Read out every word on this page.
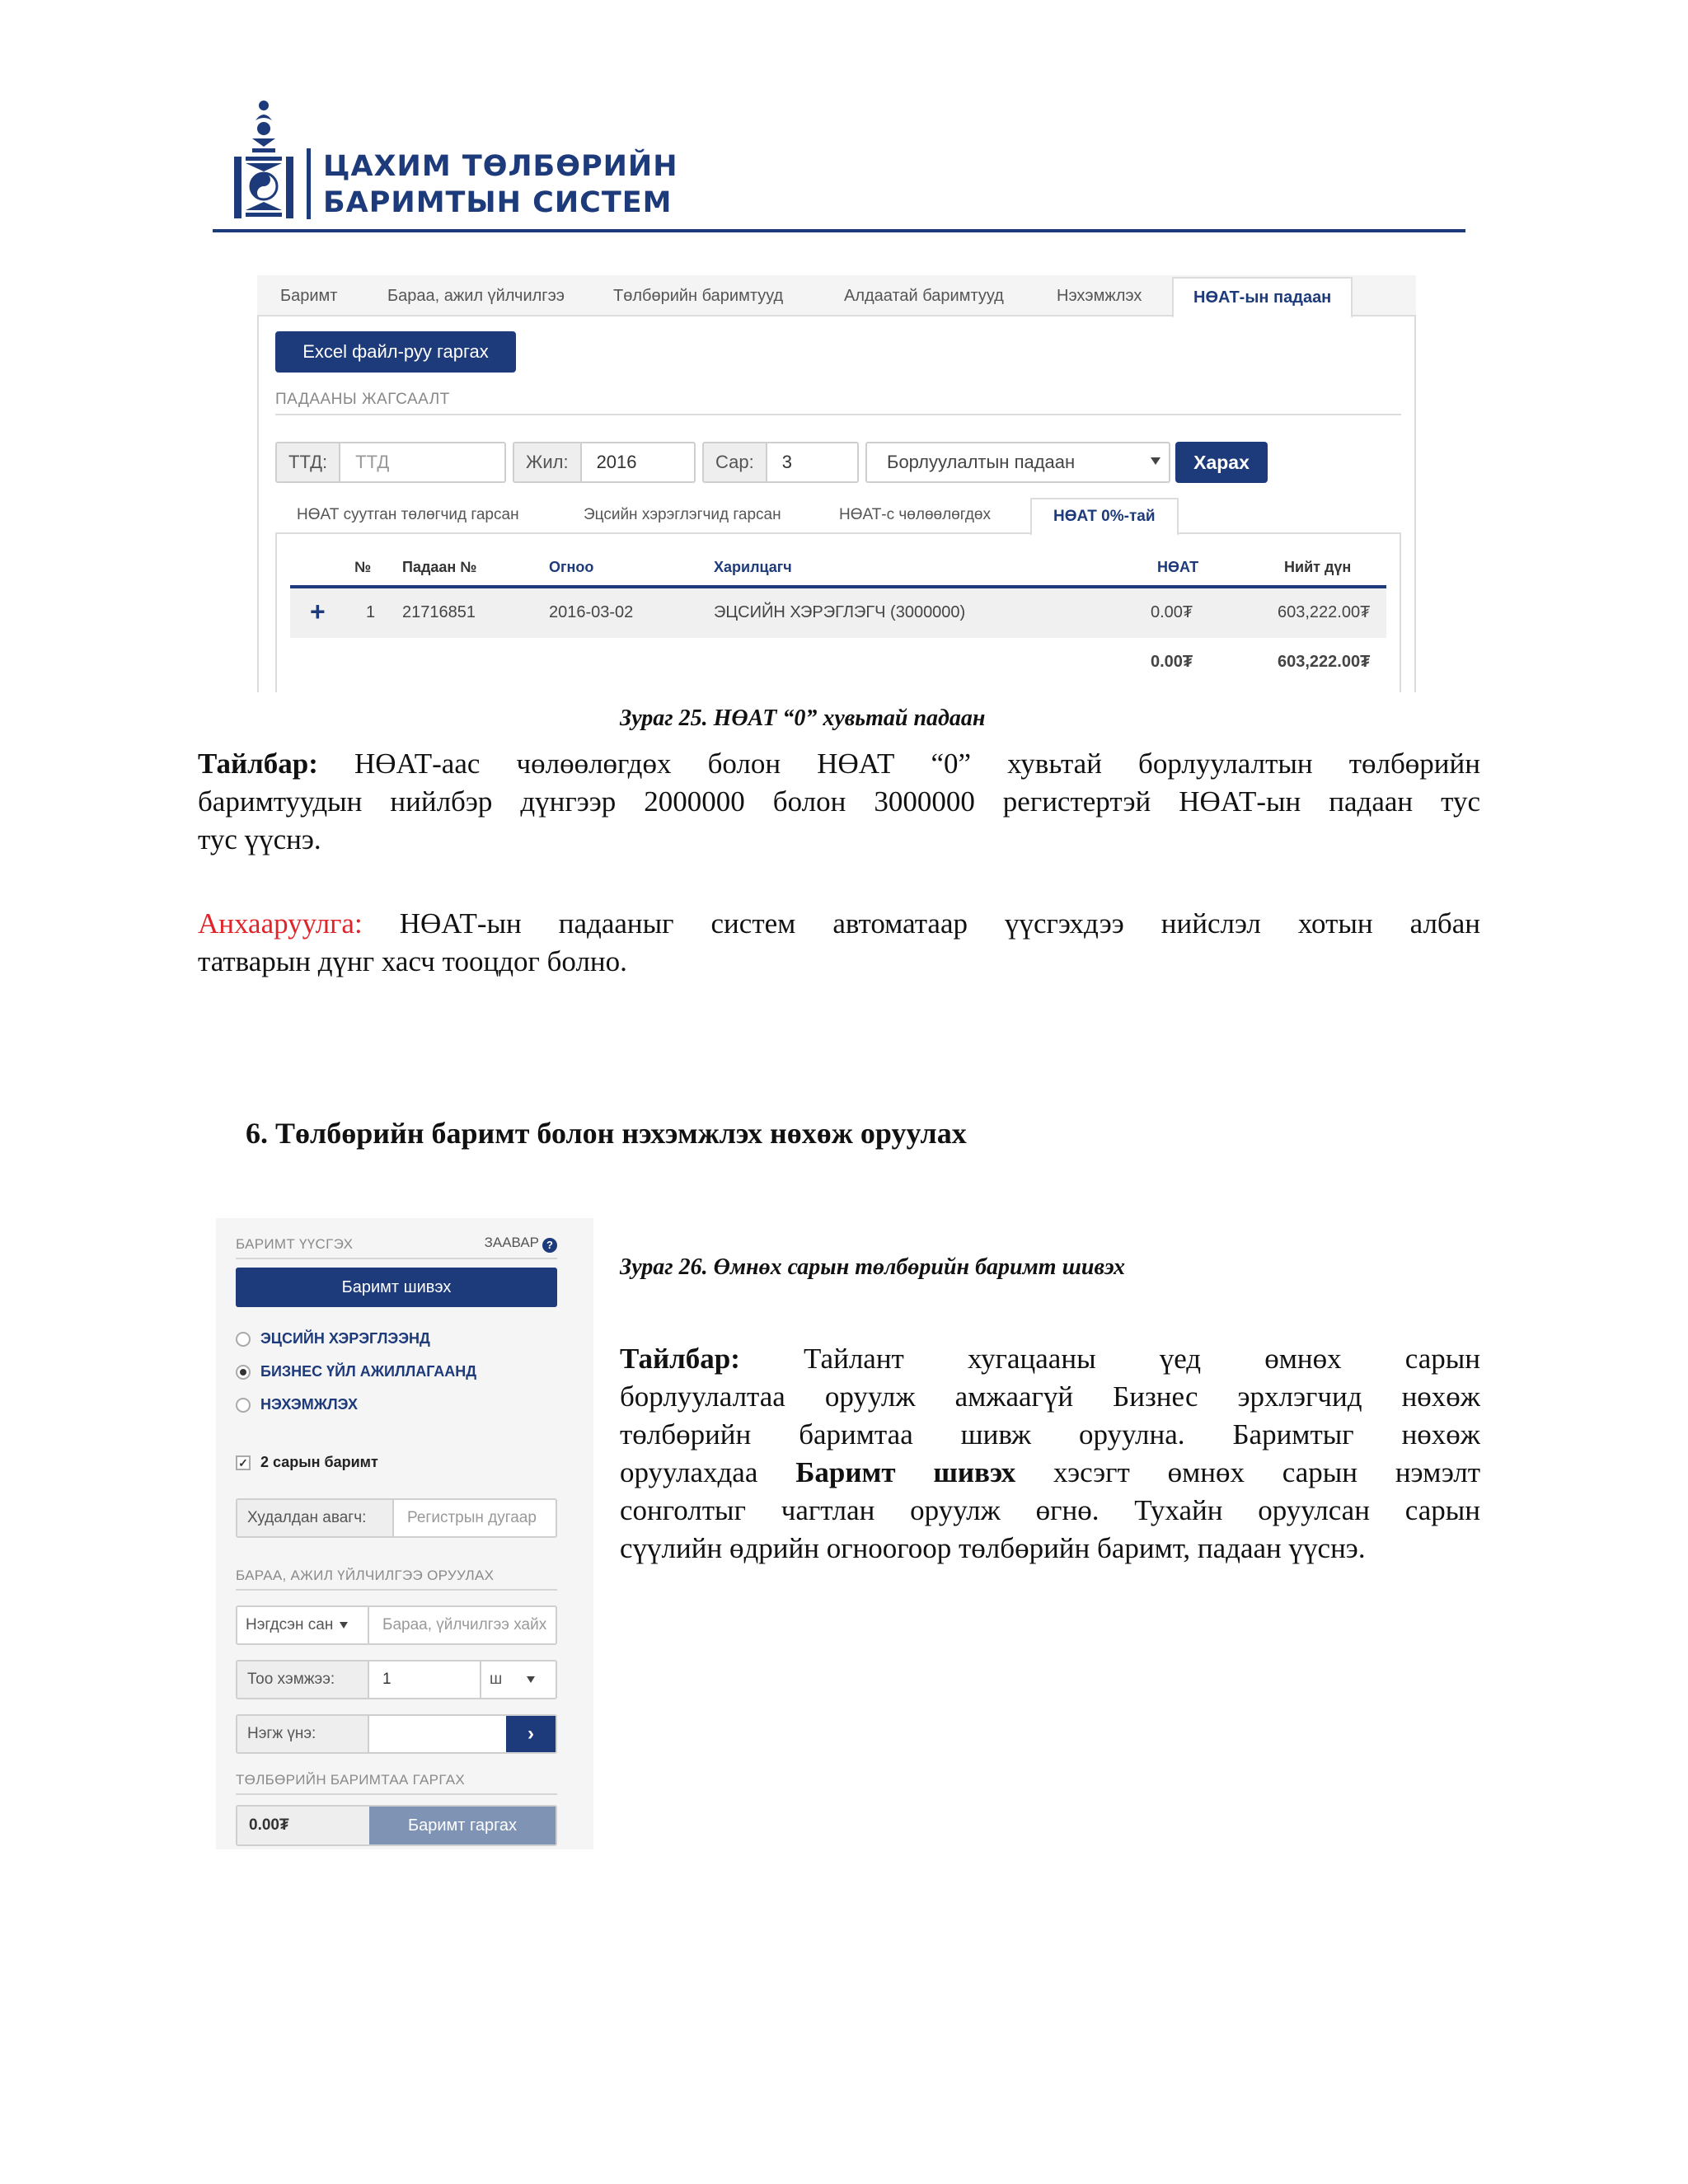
ЦАХИМ ТӨЛБӨРИЙН
БАРИМТЫН СИСТЕМ
Баримт	Бараа, ажил үйлчилгээ	Төлбөрийн баримтууд	Алдаатай баримтууд	Нэхэмжлэх	НӨАТ-ын падаан
Excel файл-руу гаргах
ПАДААНЫ ЖАГСААЛТ
ТТД:	ТТД	Жил:	2016	Сар:	3	Борлуулалтын падаан	Харах
НӨАТ суутган төлөгчид гарсан	Эцсийн хэрэглэгчид гарсан	НӨАТ-с чөлөөлөгдөх	НӨАТ 0%-тай
№ Падаан №	Огноо	Харилцагч	НӨАТ	Нийт дүн
+ 1 21716851	2016-03-02	ЭЦСИЙН ХЭРЭГЛЭГЧ (3000000)	0.00₮	603,222.00₮
0.00₮	603,222.00₮
Зураг 25. НӨАТ “0” хувьтай падаан
Тайлбар: НӨАТ-аас чөлөөлөгдөх болон НӨАТ “0” хувьтай борлуулалтын төлбөрийн
баримтуудын нийлбэр дүнгээр 2000000 болон 3000000 регистертэй НӨАТ-ын падаан тус
тус үүснэ.
Анхааруулга: НӨАТ-ын падааныг систем автоматаар үүсгэхдээ нийслэл хотын албан
татварын дүнг хасч тооцдог болно.
6. Төлбөрийн баримт болон нэхэмжлэх нөхөж оруулах
БАРИМТ ҮҮСГЭХ	ЗААВАР ?
Баримт шивэх
ЭЦСИЙН ХЭРЭГЛЭЭНД
БИЗНЕС ҮЙЛ АЖИЛЛАГААНД
НЭХЭМЖЛЭХ
✓ 2 сарын баримт
Худалдан авагч:	Регистрын дугаар
БАРАА, АЖИЛ ҮЙЛЧИЛГЭЭ ОРУУЛАХ
Нэгдсэн сан	Бараа, үйлчилгээ хайх
Тоо хэмжээ:	1	ш
Нэгж үнэ:	›
ТӨЛБӨРИЙН БАРИМТАА ГАРГАХ
0.00₮	Баримт гаргах
Зураг 26. Өмнөх сарын төлбөрийн баримт шивэх
Тайлбар: Тайлант хугацааны үед өмнөх сарын
борлуулалтаа оруулж амжаагүй Бизнес эрхлэгчид нөхөж
төлбөрийн баримтаа шивж оруулна. Баримтыг нөхөж
оруулахдаа Баримт шивэх хэсэгт өмнөх сарын нэмэлт
сонголтыг чагтлан оруулж өгнө. Тухайн оруулсан сарын
сүүлийн өдрийн огноогоор төлбөрийн баримт, падаан үүснэ.
